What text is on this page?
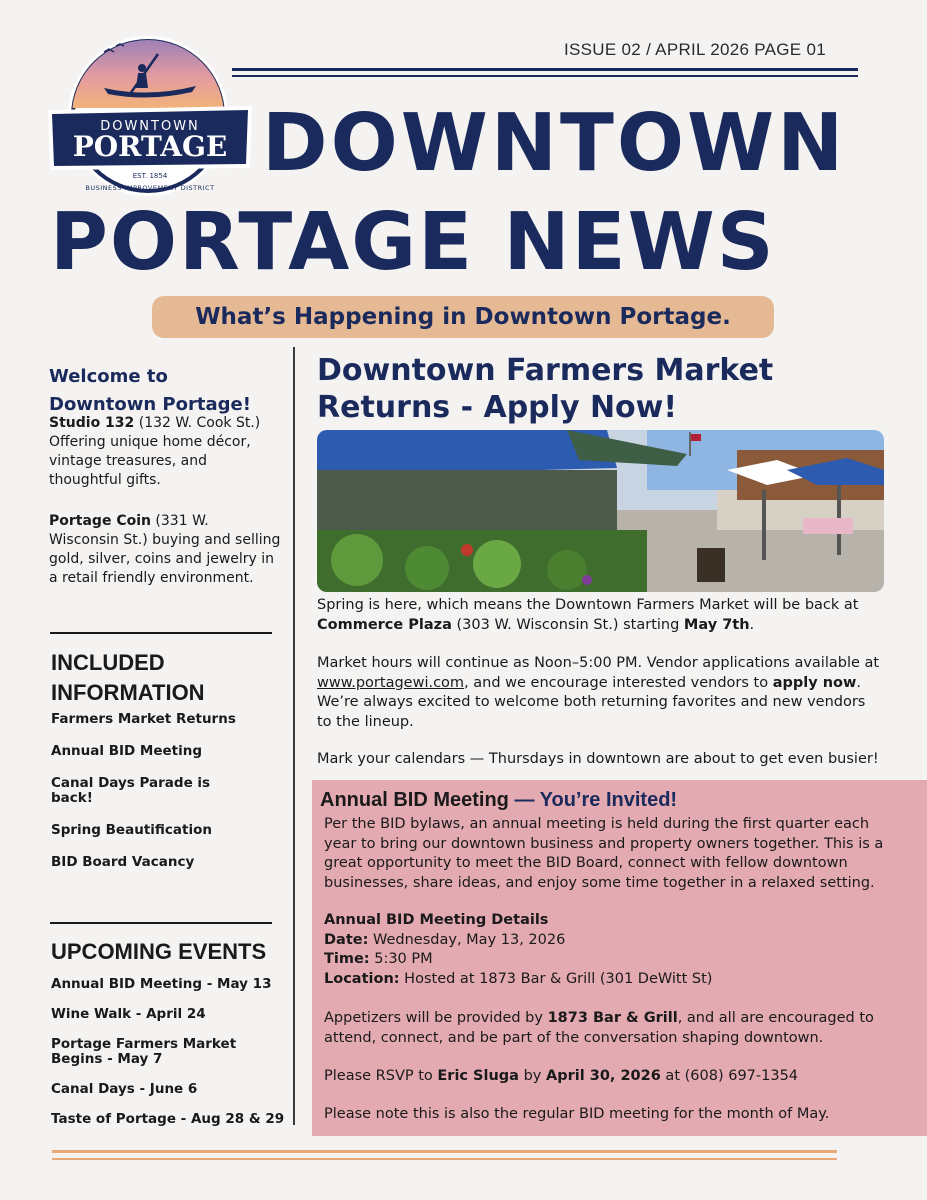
ISSUE 02 / APRIL 2026 PAGE 01
DOWNTOWN
PORTAGE
EST. 1854
BUSINESS IMPROVEMENT DISTRICT DOWNTOWN
PORTAGE NEWS
What’s Happening in Downtown Portage.
Welcome to Downtown Portage!

Studio 132 (132 W. Cook St.) Offering unique home décor, vintage treasures, and thoughtful gifts.

Portage Coin (331 W. Wisconsin St.) buying and selling gold, silver, coins and jewelry in a retail friendly environment.

INCLUDED INFORMATION
Farmers Market Returns
Annual BID Meeting
Canal Days Parade is back!
Spring Beautification
BID Board Vacancy
UPCOMING EVENTS
Annual BID Meeting - May 13
Wine Walk - April 24
Portage Farmers Market Begins - May 7
Canal Days - June 6
Taste of Portage - Aug 28 & 29
Downtown Farmers Market Returns - Apply Now!

Spring is here, which means the Downtown Farmers Market will be back at Commerce Plaza (303 W. Wisconsin St.) starting May 7th.

Market hours will continue as Noon–5:00 PM. Vendor applications available at www.portagewi.com, and we encourage interested vendors to apply now. We’re always excited to welcome both returning favorites and new vendors to the lineup.

Mark your calendars — Thursdays in downtown are about to get even busier!

Annual BID Meeting — You’re Invited!

Per the BID bylaws, an annual meeting is held during the first quarter each year to bring our downtown business and property owners together. This is a great opportunity to meet the BID Board, connect with fellow downtown businesses, share ideas, and enjoy some time together in a relaxed setting.

Annual BID Meeting Details
Date: Wednesday, May 13, 2026
Time: 5:30 PM
Location: Hosted at 1873 Bar & Grill (301 DeWitt St)

Appetizers will be provided by 1873 Bar & Grill, and all are encouraged to attend, connect, and be part of the conversation shaping downtown.

Please RSVP to Eric Sluga by April 30, 2026 at (608) 697-1354

Please note this is also the regular BID meeting for the month of May.
